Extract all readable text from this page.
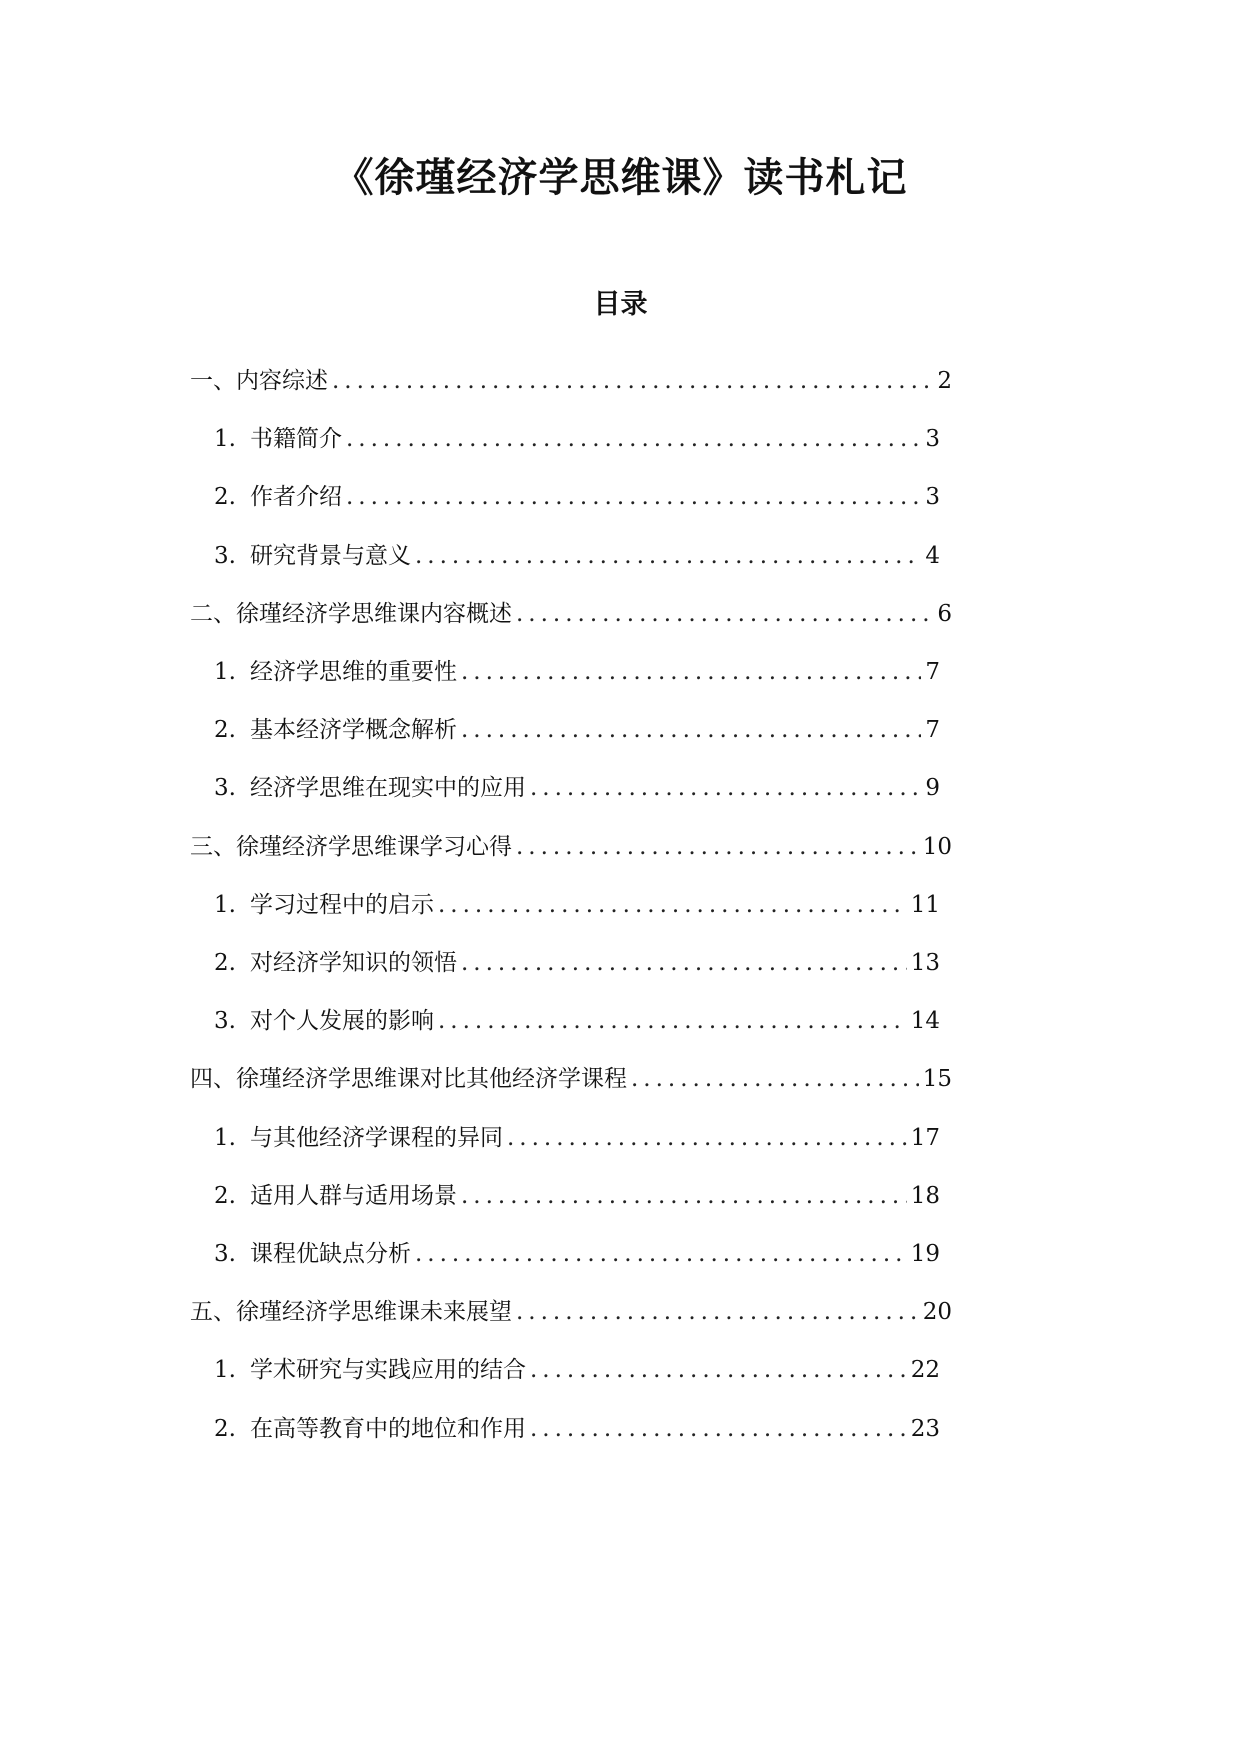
《徐瑾经济学思维课》读书札记
目录
一、内容综述 .....	2
1. 书籍简介 .....	3
2. 作者介绍 .....	3
3. 研究背景与意义 .....	4
二、徐瑾经济学思维课内容概述 .....	6
1. 经济学思维的重要性 .....	7
2. 基本经济学概念解析 .....	7
3. 经济学思维在现实中的应用 .....	9
三、徐瑾经济学思维课学习心得 .....	10
1. 学习过程中的启示 .....	11
2. 对经济学知识的领悟 .....	13
3. 对个人发展的影响 .....	14
四、徐瑾经济学思维课对比其他经济学课程 .....	15
1. 与其他经济学课程的异同 .....	17
2. 适用人群与适用场景 .....	18
3. 课程优缺点分析 .....	19
五、徐瑾经济学思维课未来展望 .....	20
1. 学术研究与实践应用的结合 .....	22
2. 在高等教育中的地位和作用 .....	23
